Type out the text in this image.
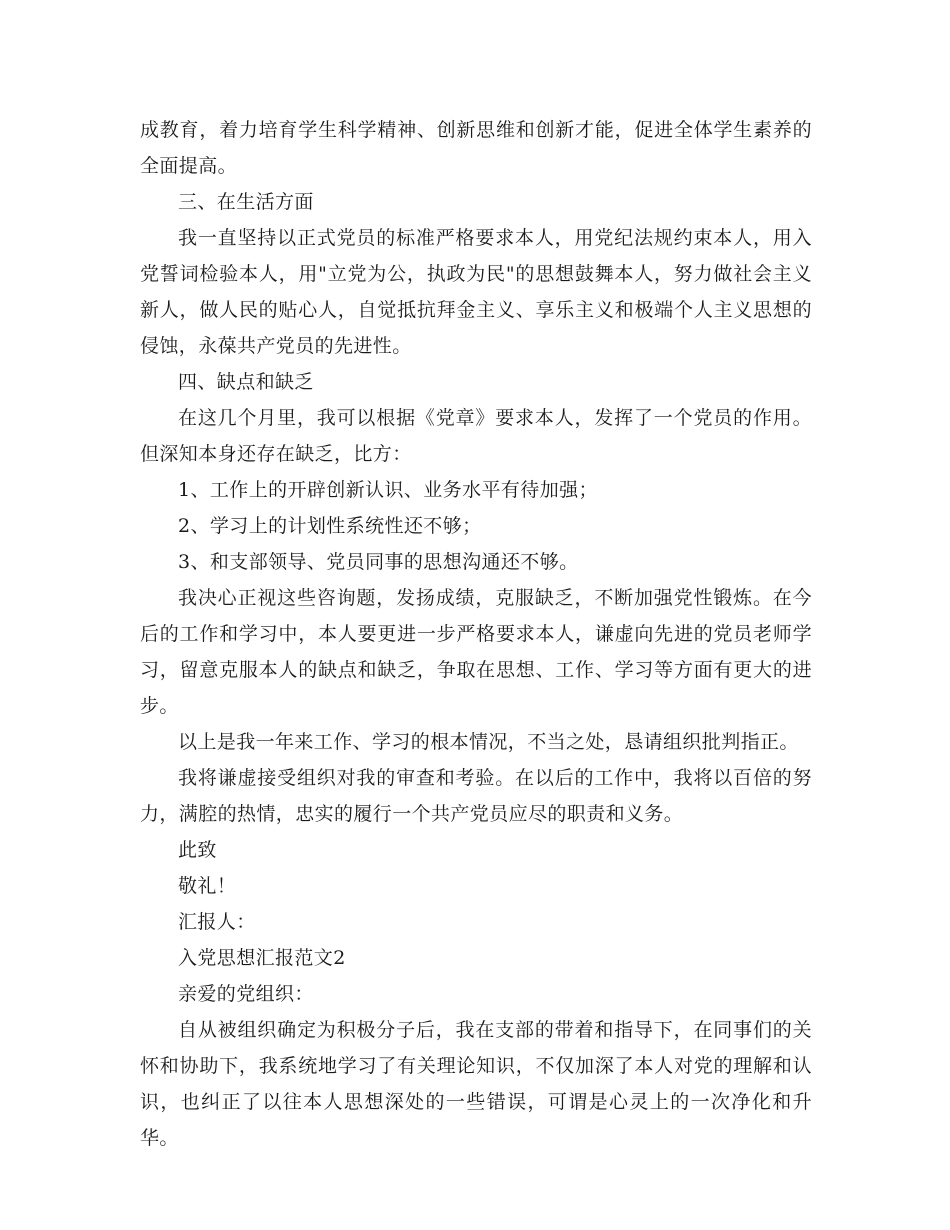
成教育，着力培育学生科学精神、创新思维和创新才能，促进全体学生素养的全面提高。

三、在生活方面

我一直坚持以正式党员的标准严格要求本人，用党纪法规约束本人，用入党誓词检验本人，用"立党为公，执政为民"的思想鼓舞本人，努力做社会主义新人，做人民的贴心人，自觉抵抗拜金主义、享乐主义和极端个人主义思想的侵蚀，永葆共产党员的先进性。

四、缺点和缺乏

在这几个月里，我可以根据《党章》要求本人，发挥了一个党员的作用。但深知本身还存在缺乏，比方：

1、工作上的开辟创新认识、业务水平有待加强；

2、学习上的计划性系统性还不够；

3、和支部领导、党员同事的思想沟通还不够。

我决心正视这些咨询题，发扬成绩，克服缺乏，不断加强党性锻炼。在今后的工作和学习中，本人要更进一步严格要求本人，谦虚向先进的党员老师学习，留意克服本人的缺点和缺乏，争取在思想、工作、学习等方面有更大的进步。

以上是我一年来工作、学习的根本情况，不当之处，恳请组织批判指正。

我将谦虚接受组织对我的审查和考验。在以后的工作中，我将以百倍的努力，满腔的热情，忠实的履行一个共产党员应尽的职责和义务。

此致

敬礼！

汇报人：

入党思想汇报范文2

亲爱的党组织：

自从被组织确定为积极分子后，我在支部的带着和指导下，在同事们的关怀和协助下，我系统地学习了有关理论知识，不仅加深了本人对党的理解和认识，也纠正了以往本人思想深处的一些错误，可谓是心灵上的一次净化和升华。
